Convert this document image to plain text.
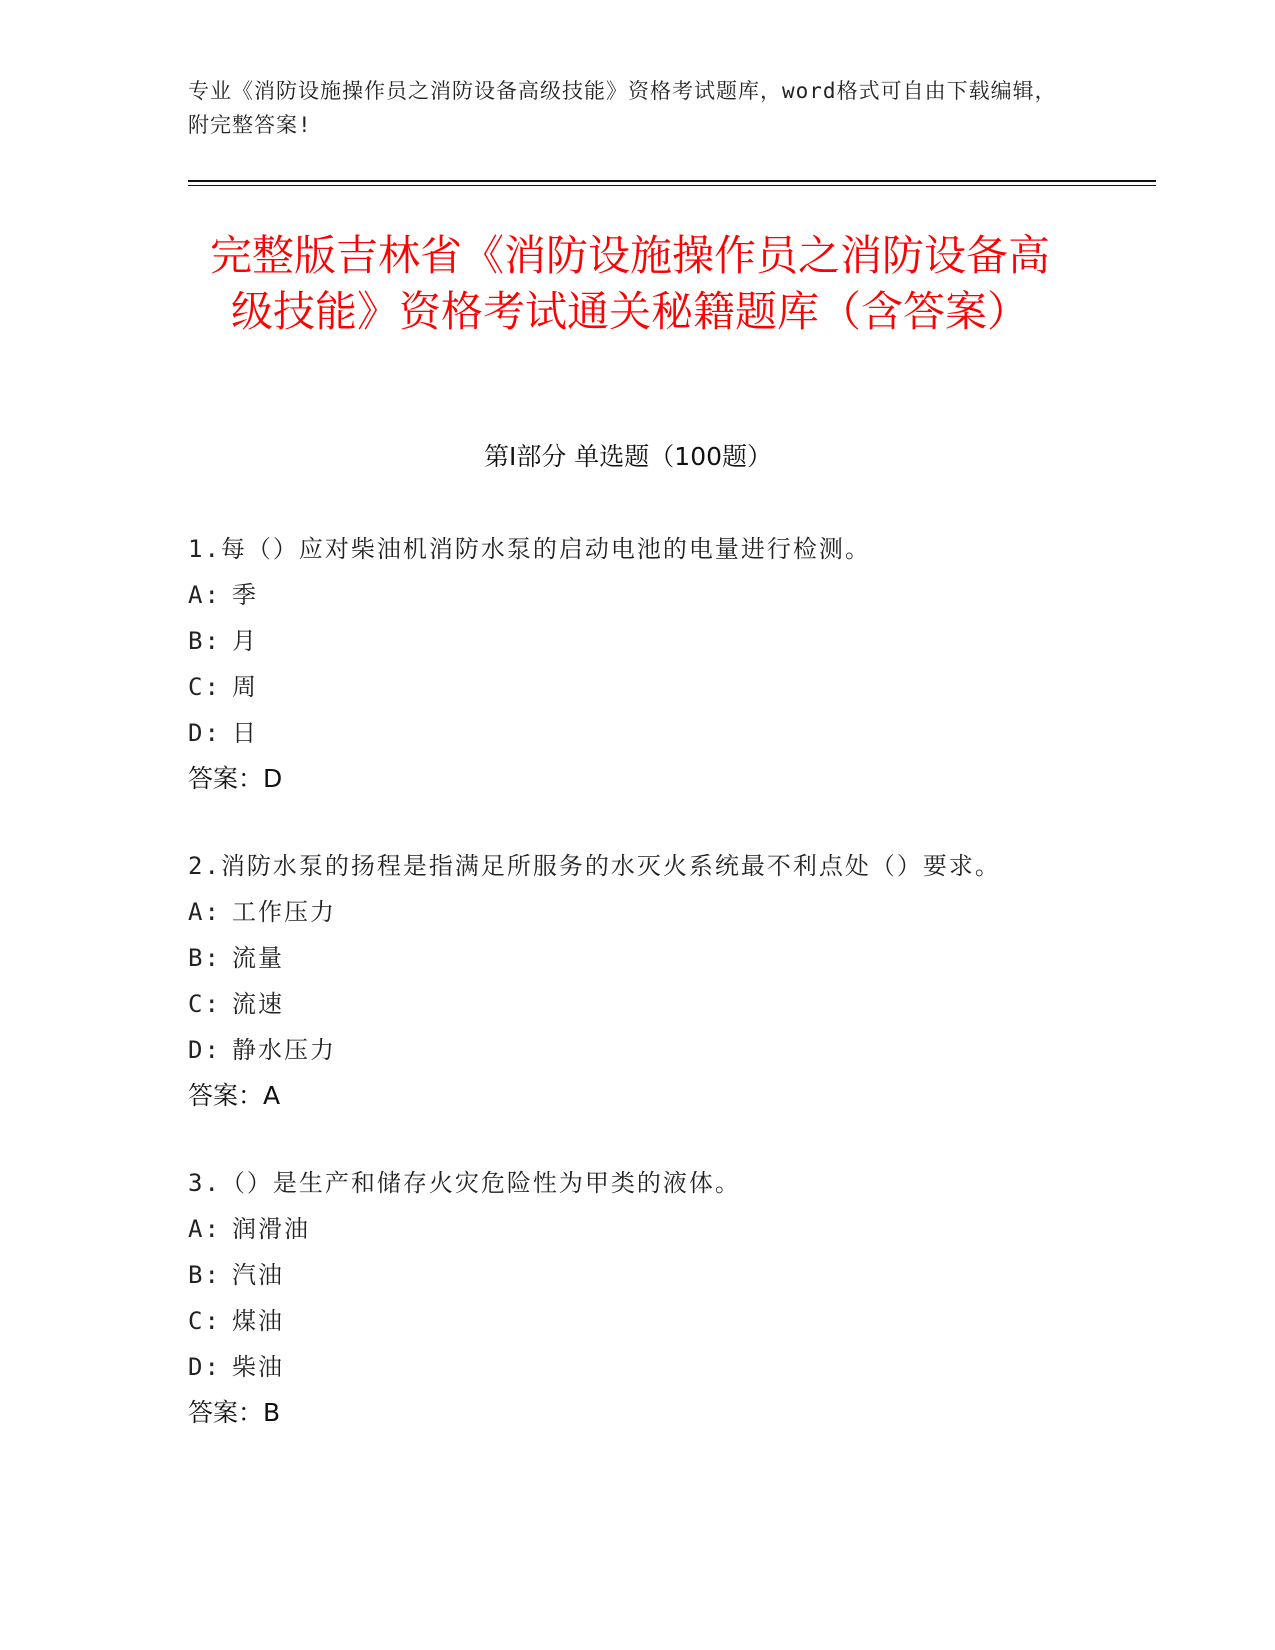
专业《消防设施操作员之消防设备高级技能》资格考试题库，word格式可自由下载编辑，附完整答案!
完整版吉林省《消防设施操作员之消防设备高级技能》资格考试通关秘籍题库（含答案）
第Ⅰ部分 单选题（100题）
1.每（）应对柴油机消防水泵的启动电池的电量进行检测。
A: 季
B: 月
C: 周
D: 日
答案：D
2.消防水泵的扬程是指满足所服务的水灭火系统最不利点处（）要求。
A: 工作压力
B: 流量
C: 流速
D: 静水压力
答案：A
3.（）是生产和储存火灾危险性为甲类的液体。
A: 润滑油
B: 汽油
C: 煤油
D: 柴油
答案：B
